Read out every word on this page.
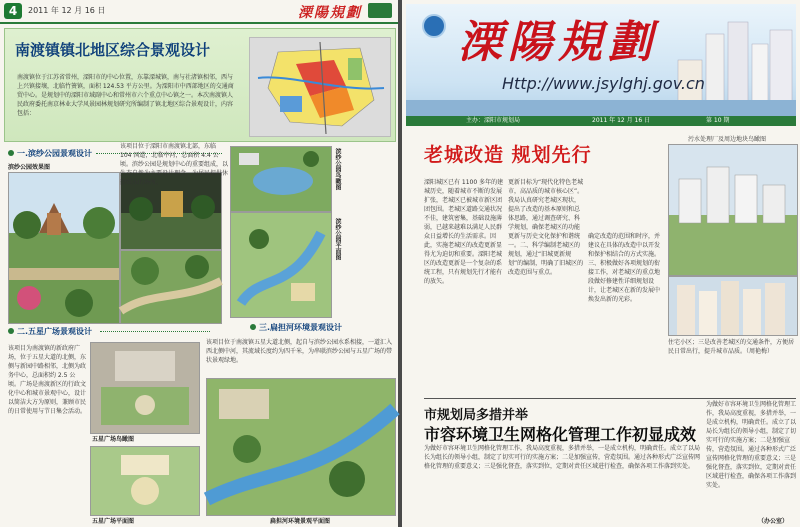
4	2011 年 12 月 16 日	溧陽規劃
南渡镇镇北地区综合景观设计
南渡镇位于江苏省常州，溧阳市的中心位置，东靠溧城镇，南与社渚镇相邻，西与上兴镇接壤，北临竹箦镇，面积 124.53 平方公里。为溧阳市中西部地区的交通商贸中心。是规划中的溧阳市域副中心和常州市六个重点中心镇之一。本次南渡镇人民政府委托南京林业大学风景园林规划研究所编制了镇北地区综合景观设计，内容包括：
一.滨纱公园景观设计
滨纱公园效果图
该项目位于溧阳市南渡镇北部，东临 104 国道，北临中河，总面积 4.4 公顷。滨纱公园是规划中心的重要组成，以生态自然为主要设计理念，为居民提供休憩娱乐的场所。	滨纱公园鸟瞰图
滨纱公园平面图
二.五星广场景观设计	三.扁担河环境景观设计
该项目为南渡镇的新政府广场，位于五星大道的北侧，东侧与新园中路相邻，北侧为政务中心，总面积约 2.5 公顷。广场是南渡新区的行政文化中心和城市景观中心，设计以简洁大方为原则，兼顾市民的日常使用与节日集会活动。
五星广场鸟瞰图
五星广场平面图
该项目位于南渡镇五星大道北侧，起自与滨纱公园水系相接，一道汇入西北侧中河，其流域长度约为四千米，为串联滨纱公园与五星广场的带状景观绿地。
扁担河环境景观平面图
溧陽規劃
Http://www.jsylghj.gov.cn
主办：溧阳市规划局	2011 年 12 月 16 日	第 10 期
老城改造 规划先行
污水处理厂及周边地块鸟瞰图
溧阳城区已有 1100 多年的建城历史，随着城市不断的发展扩张，老城区已被城市新区团团包围。老城区道路交通状况不佳，建筑密集，基础设施薄弱，已越来越难以满足人民群众日益增长的生活需求。因此，实施老城区的改造更新显得尤为迫切和重要。溧阳老城区的改造更新是一个复杂的系统工程，只有规划先行才能有的放矢。
更新目标为“现代化特色老城市，高品质的城市核心区”。我局认真研究老城区现状，提出了改造的基本原则和总体思路，通过调查研究、科学规划，确保老城区的功能更新与历史文化保护和谐统一。二、科学编制老城区的规划，通过“旧城更新规划”的编制，明确了旧城区的改造范围与重点。
确定改造的范围和时序，并建议在具体的改造中以开发和保护相结合的方式实施。三、积极做好各项规划的衔接工作，对老城区的重点地段做好修建性详细规划设计，让老城区在新的发展中焕发出新的光彩。
住宅小区；三是改善老城区的交通条件，方便居民日常出行，提升城市品质。（周艳梅）
市规划局多措并举
市容环境卫生网格化管理工作初显成效
为做好市容环境卫生网格化管理工作，我局高度重视，多措并举，一是成立机构，明确责任。成立了以局长为组长的领导小组，制定了切实可行的实施方案；二是加强宣传，营造氛围。通过各种形式广泛宣传网格化管理的重要意义；三是强化督查，落实到位，定期对责任区域进行检查，确保各项工作落到实处。
为做好市容环境卫生网格化管理工作，我局高度重视，多措并举，一是成立机构，明确责任。成立了以局长为组长的领导小组，制定了切实可行的实施方案；二是加强宣传，营造氛围。通过各种形式广泛宣传网格化管理的重要意义；三是强化督查，落实到位，定期对责任区域进行检查，确保各项工作落到实处。
（办公室）
